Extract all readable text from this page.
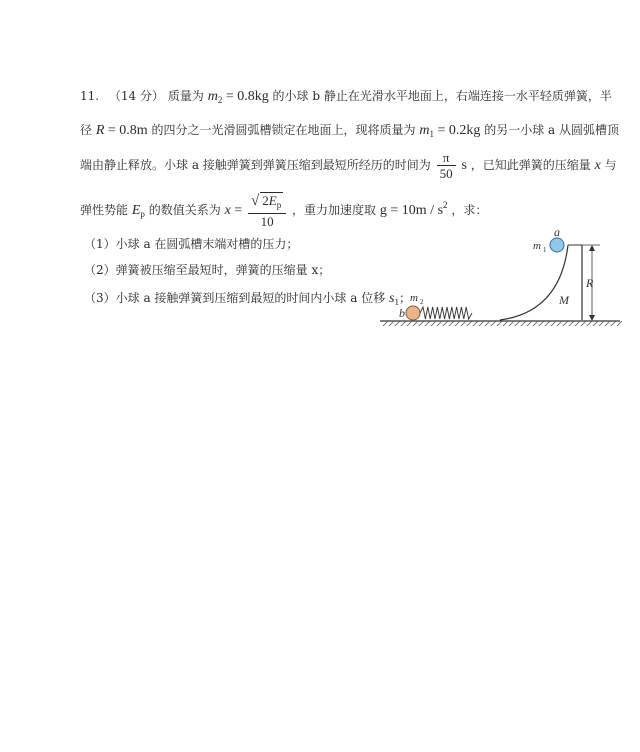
11. （14 分） 质量为 $m_2 = 0.8kg$ 的小球 b 静止在光滑水平地面上，右端连接一水平轻质弹簧，半
径 R = 0.8m 的四分之一光滑圆弧槽锁定在地面上，现将质量为 $m_1 = 0.2kg$ 的另一小球 a 从圆弧槽顶
端由静止释放。小球 a 接触弹簧到弹簧压缩到最短所经历的时间为 $\frac{\pi}{50}$ s ，已知此弹簧的压缩量 x 与
弹性势能 $E_p$ 的数值关系为 $x = \frac{√ 2E_p}{10}$ ，重力加速度取 $g = 10m / s^2$ ，求：
（1）小球 a 在圆弧槽末端对槽的压力；
（2）弹簧被压缩至最短时，弹簧的压缩量 x；
（3）小球 a 接触弹簧到压缩到最短的时间内小球 a 位移 $s_1$；
R
M
a
m 1
b
m 2
